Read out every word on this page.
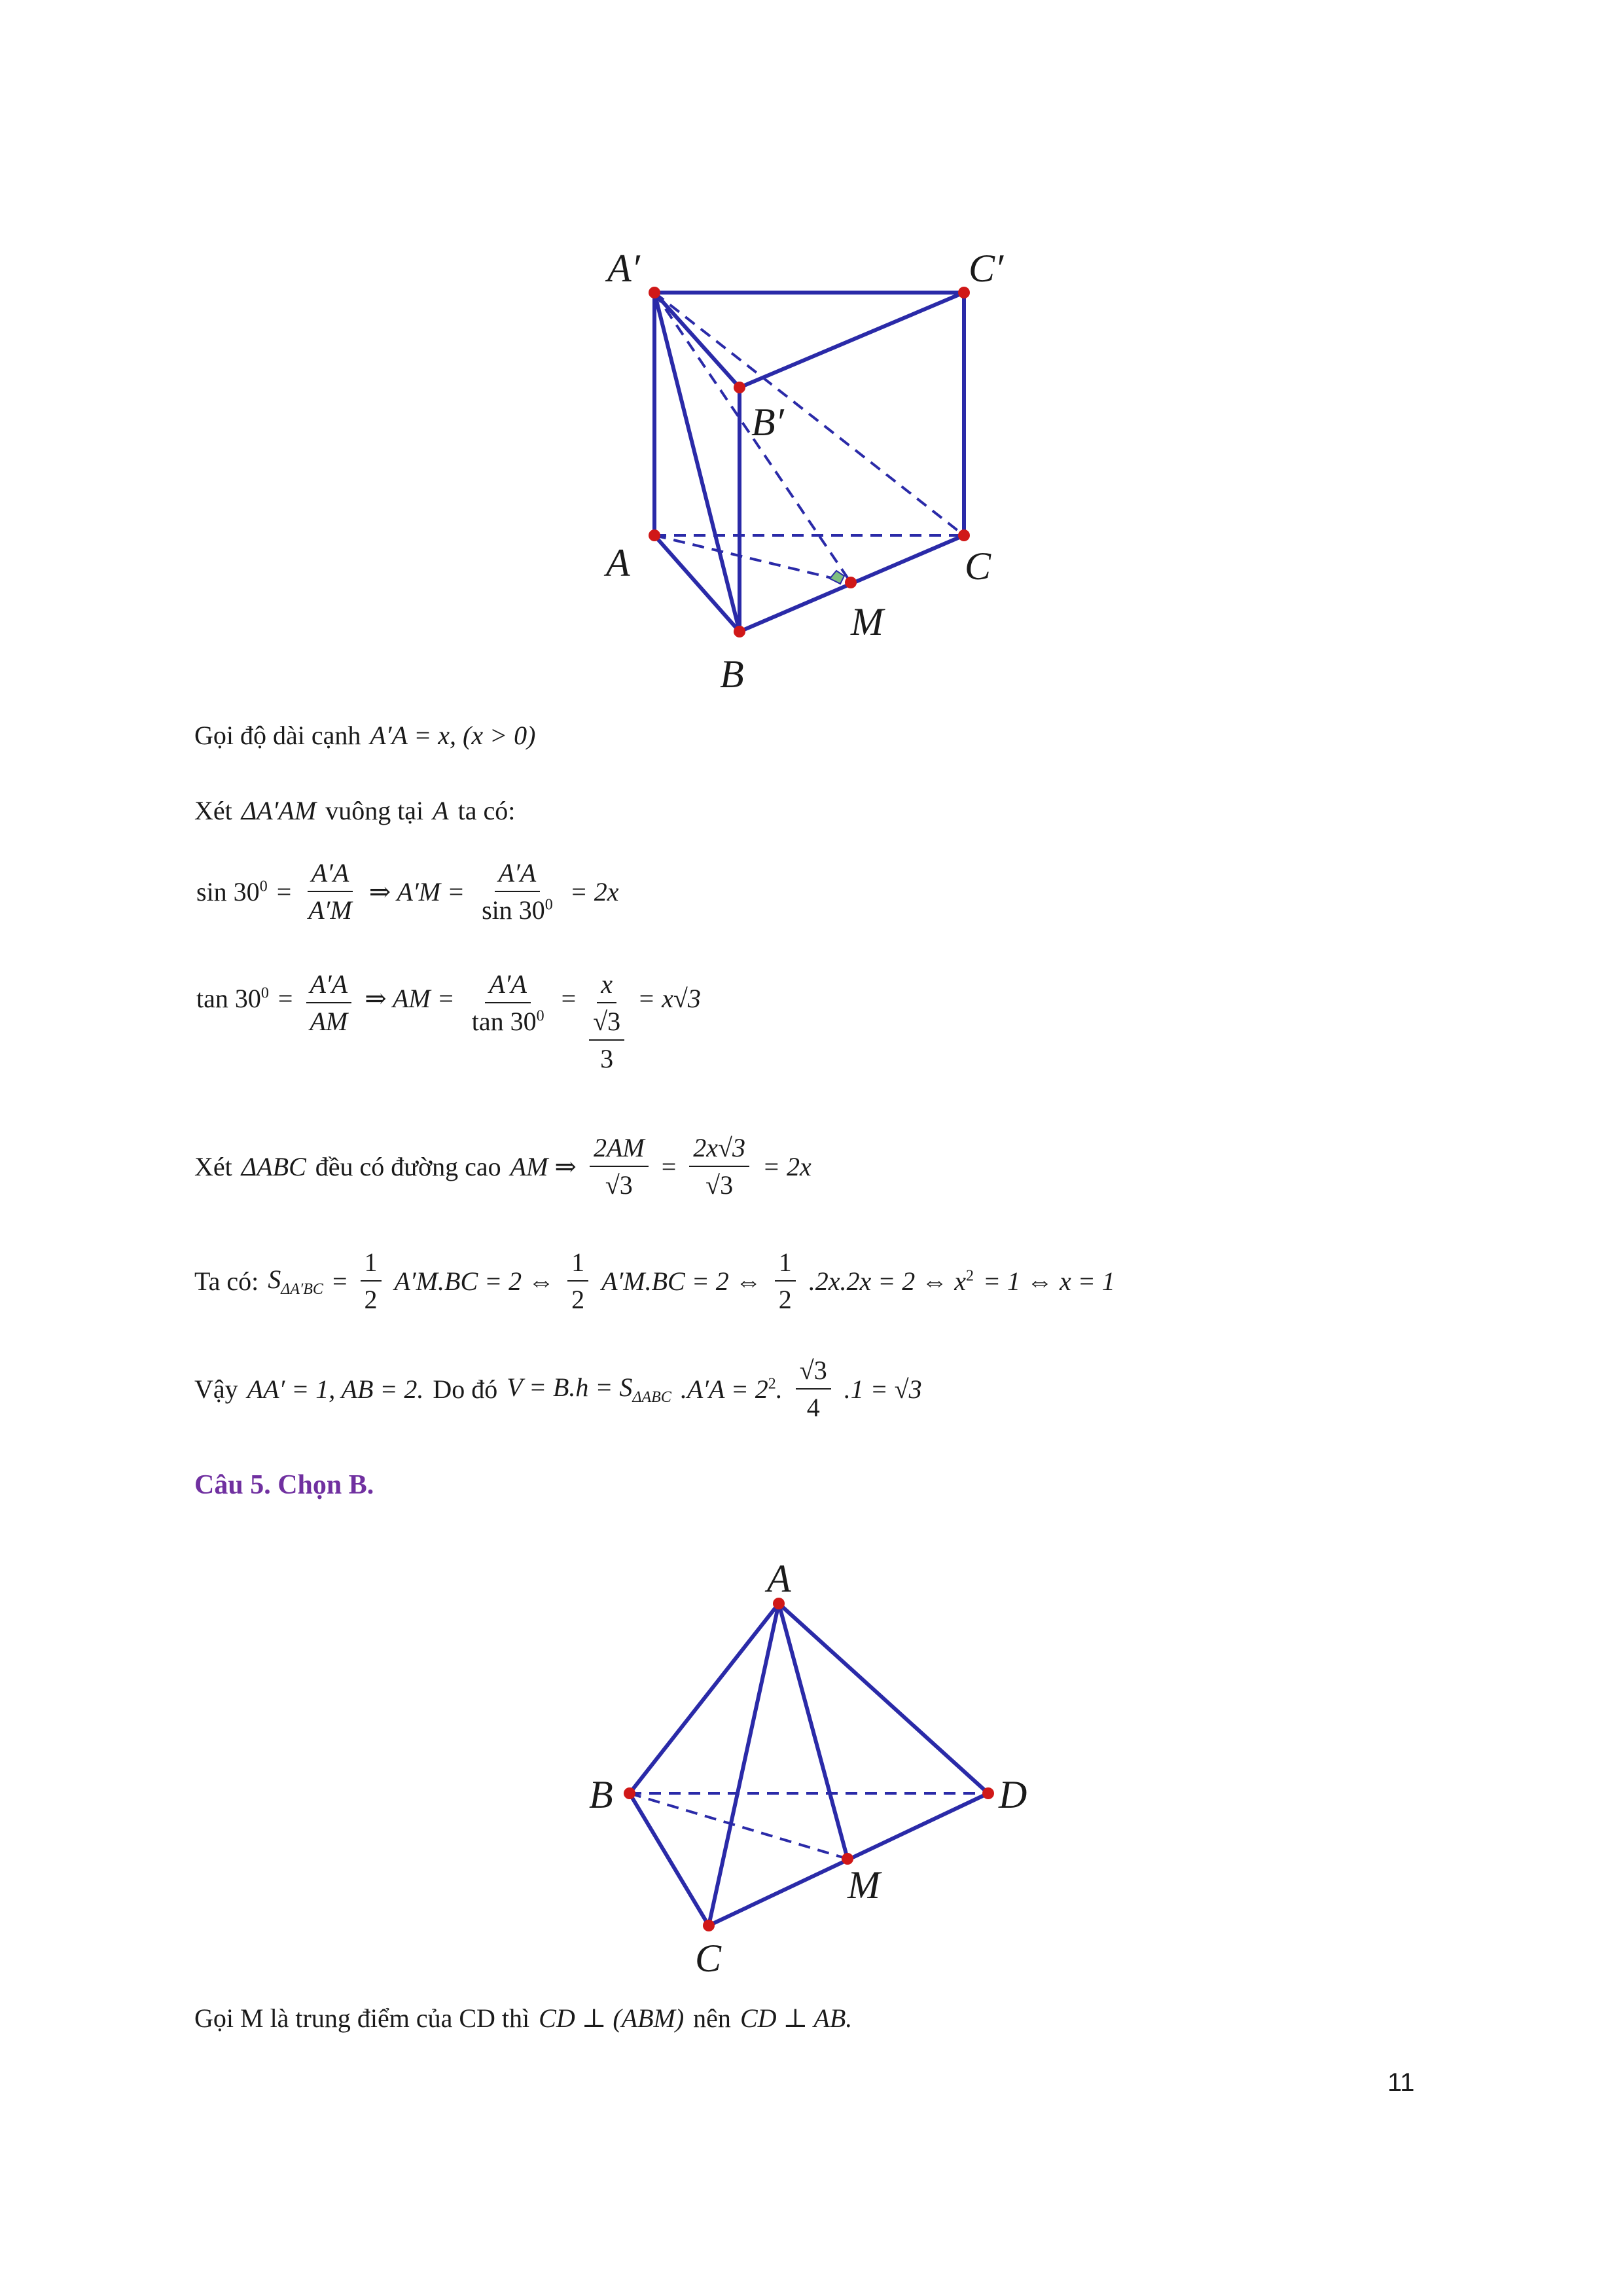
A′	C′
B′
A	C
M
B
Gọi độ dài cạnh A′A = x, (x > 0)
Xét ΔA′AM vuông tại A ta có:
$\sin 30^0 = \frac{A'A}{A'M}$ ⇒ $A'M = \frac{A'A}{\sin 30^0} = 2x$
$\tan 30^0 = \frac{A'A}{AM}$ ⇒ AM = $\frac{A'A}{\tan 30^0} = \frac{x}{\frac{√3}{3}} = x√3$
Xét ΔABC đều có đường cao AM ⇒ $\frac{2AM}{√3} = \frac{2x√3}{√3} = 2x$
Ta có: $S_{\Delta A'BC} = \frac{1}{2} A'M.BC = 2$ ⇔ $\frac{1}{2} A'M.BC = 2$ ⇔ $\frac{1}{2} .2x.2x = 2$ ⇔ $x^2 = 1$ ⇔ x = 1
Vậy AA′ = 1, AB = 2. Do đó $V = B.h = S_{\Delta ABC}$ $.A'A = 2^2$. $\frac{√3}{4} .1 = √3$
Câu 5. Chọn B.
A
B	D
M
C
Gọi M là trung điểm của CD thì CD ⊥ (ABM) nên CD ⊥ AB.
11
